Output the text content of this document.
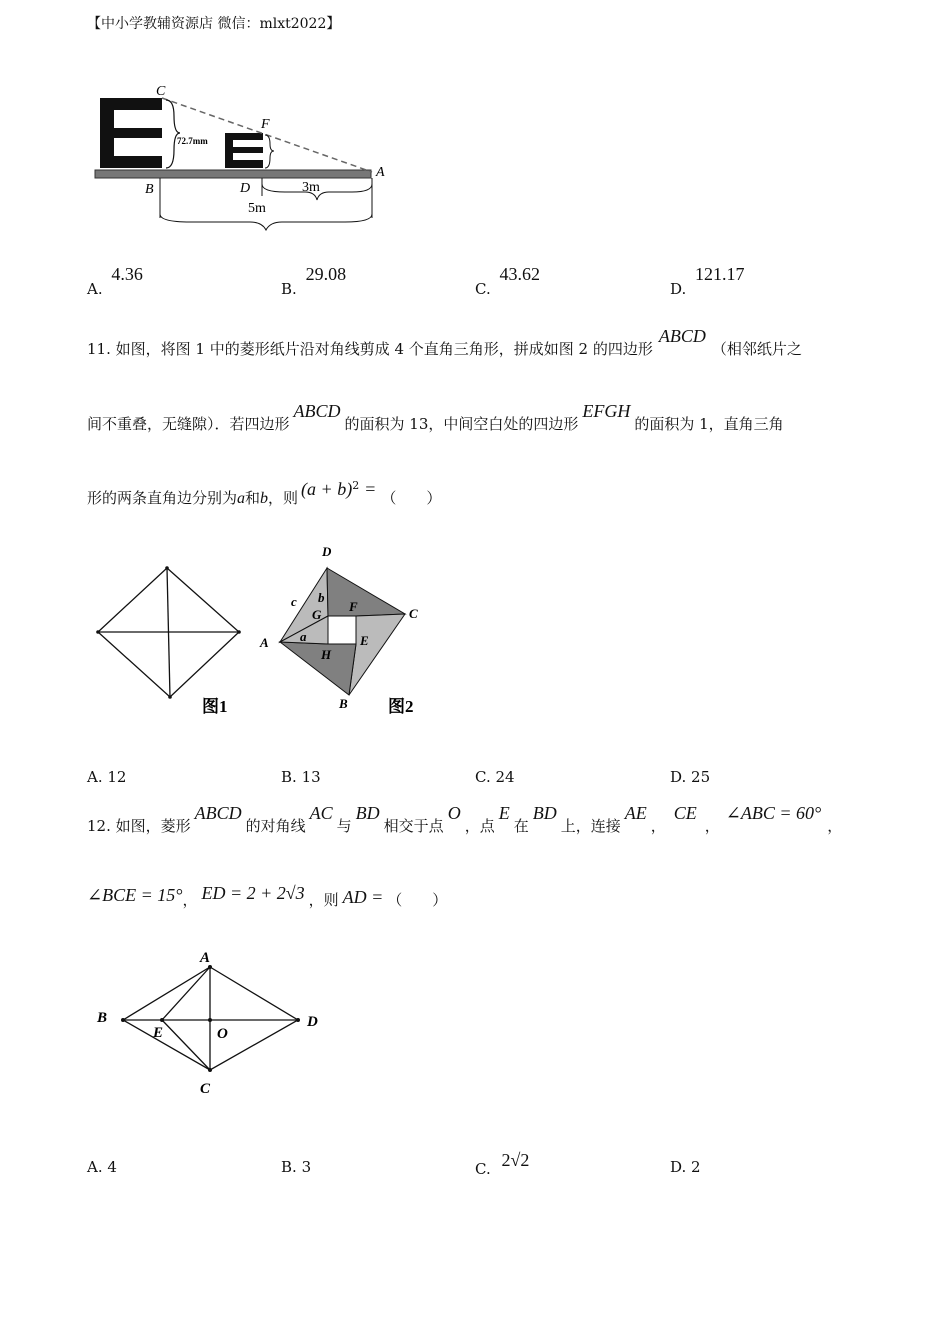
【中小学教辅资源店 微信：mlxt2022】
C
F
A
B	D
72.7mm
3m
5m
A. 4.36
B. 29.08
C. 43.62
D. 121.17
11. 如图，将图 1 中的菱形纸片沿对角线剪成 4 个直角三角形，拼成如图 2 的四边形ABCD（相邻纸片之
间不重叠，无缝隙）．若四边形ABCD的面积为 13，中间空白处的四边形EFGH的面积为 1，直角三角
形的两条直角边分别为a和b，则 $(a + b)^2$ = （　　）
图1
D
C
A
B
c b
G
F
a	E
H
图2
A. 12	B. 13	C. 24	D. 25
12. 如图，菱形ABCD的对角线AC与BD相交于点O，点E在BD上，连接AE，CE，∠ABC = 60°，
∠BCE = 15°， ED = 2 + 2√3 ，则 AD = （　　）
A
B
E	O
D
C
A. 4	B. 3	C. 2√2	D. 2
